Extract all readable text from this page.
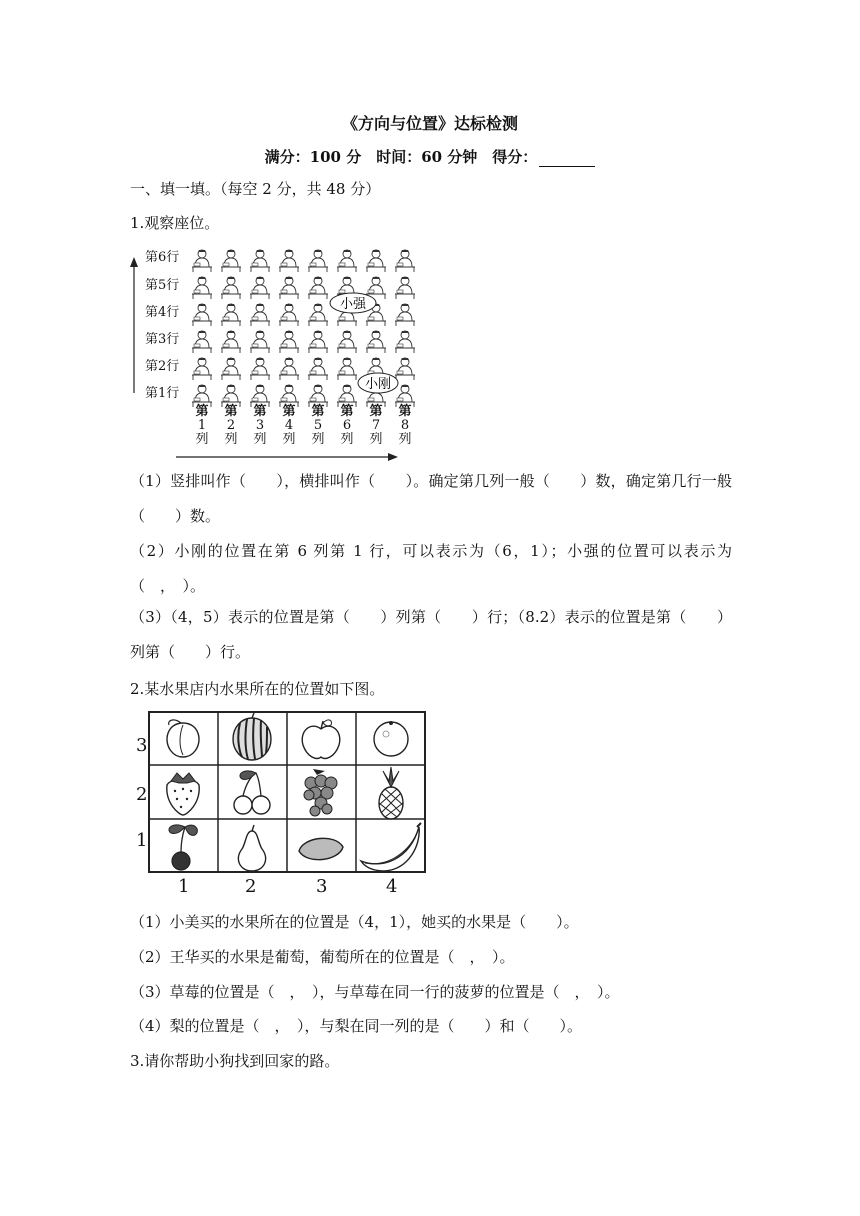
《方向与位置》达标检测
满分：100 分　时间：60 分钟　得分：
一、填一填。（每空 2 分，共 48 分）
1.观察座位。
小强
小刚
第6行
第5行
第4行
第3行
第2行
第1行
第
1
列
第
2
列
第
3
列
第
4
列
第
5
列
第
6
列
第
7
列
第
8
列
（1）竖排叫作（　　），横排叫作（　　）。确定第几列一般（　　）数，确定第几行一般（　　）数。
（2）小刚的位置在第 6 列第 1 行，可以表示为（6，1）；小强的位置可以表示为（　，　）。
（3）（4，5）表示的位置是第（　　）列第（　　）行；（8.2）表示的位置是第（　　）列第（　　）行。
2.某水果店内水果所在的位置如下图。
3
2
1
1	2	3	4
（1）小美买的水果所在的位置是（4，1），她买的水果是（　　）。
（2）王华买的水果是葡萄，葡萄所在的位置是（　，　）。
（3）草莓的位置是（　，　），与草莓在同一行的菠萝的位置是（　，　）。
（4）梨的位置是（　，　），与梨在同一列的是（　　）和（　　）。
3.请你帮助小狗找到回家的路。
